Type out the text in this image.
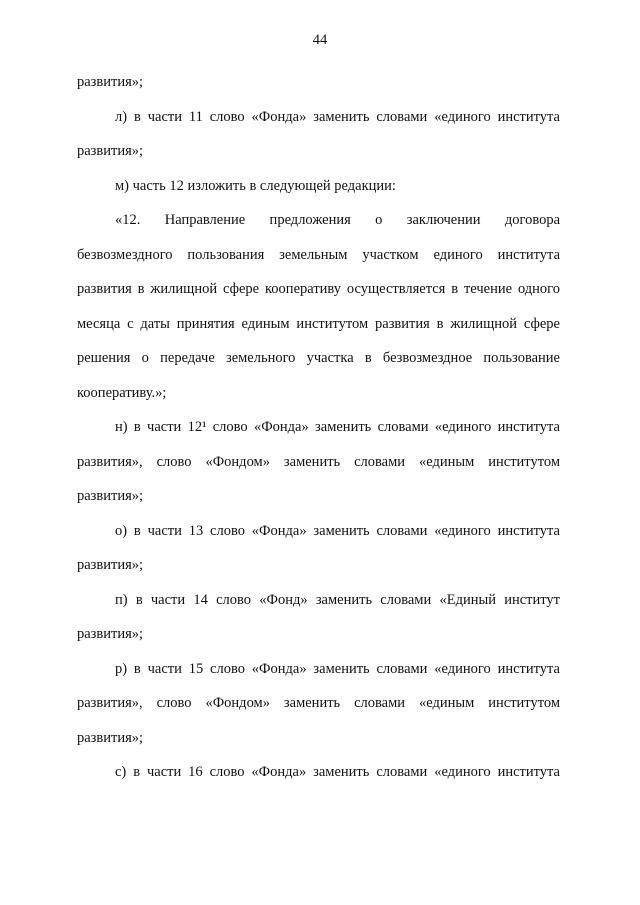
44
развития»;
л) в части 11 слово «Фонда» заменить словами «единого института
развития»;
м) часть 12 изложить в следующей редакции:
«12. Направление предложения о заключении договора
безвозмездного пользования земельным участком единого института
развития в жилищной сфере кооперативу осуществляется в течение одного
месяца с даты принятия единым институтом развития в жилищной сфере
решения о передаче земельного участка в безвозмездное пользование
кооперативу.»;
н) в части 12¹ слово «Фонда» заменить словами «единого института
развития», слово «Фондом» заменить словами «единым институтом
развития»;
о) в части 13 слово «Фонда» заменить словами «единого института
развития»;
п) в части 14 слово «Фонд» заменить словами «Единый институт
развития»;
р) в части 15 слово «Фонда» заменить словами «единого института
развития», слово «Фондом» заменить словами «единым институтом
развития»;
с) в части 16 слово «Фонда» заменить словами «единого института
